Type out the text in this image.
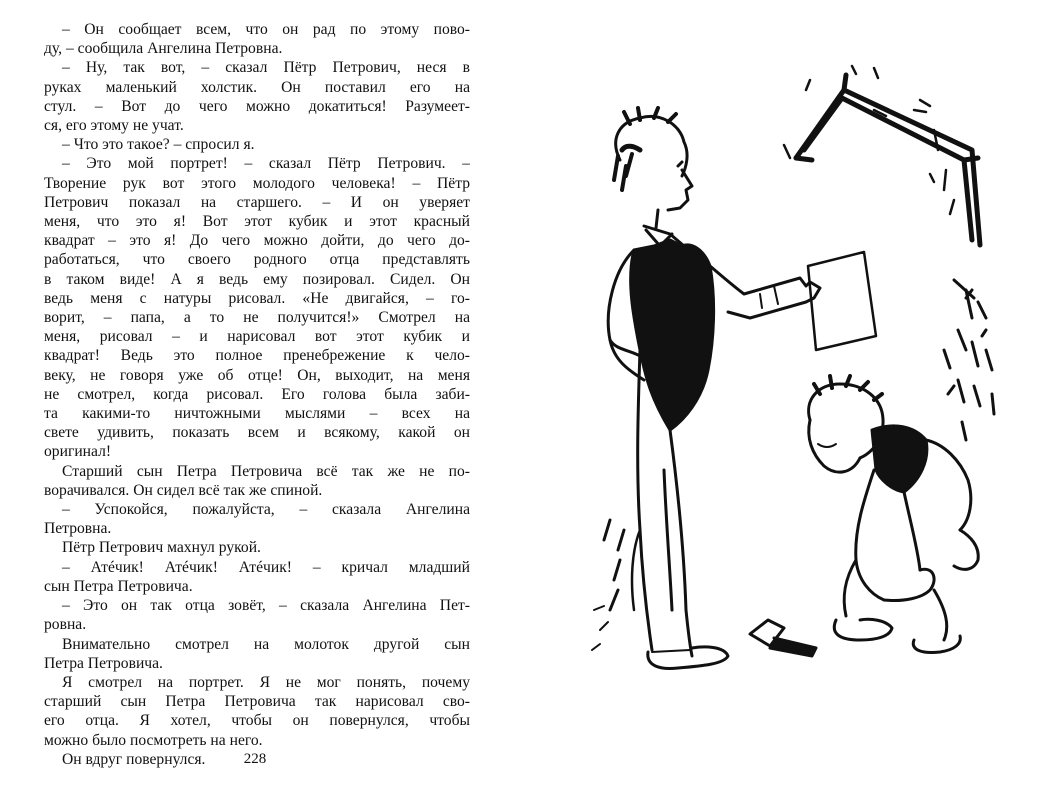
– Он сообщает всем, что он рад по этому пово-
ду, – сообщила Ангелина Петровна.
– Ну, так вот, – сказал Пётр Петрович, неся в
руках маленький холстик. Он поставил его на
стул. – Вот до чего можно докатиться! Разумеет-
ся, его этому не учат.
– Что это такое? – спросил я.
– Это мой портрет! – сказал Пётр Петрович. –
Творение рук вот этого молодого человека! – Пётр
Петрович показал на старшего. – И он уверяет
меня, что это я! Вот этот кубик и этот красный
квадрат – это я! До чего можно дойти, до чего до-
работаться, что своего родного отца представлять
в таком виде! А я ведь ему позировал. Сидел. Он
ведь меня с натуры рисовал. «Не двигайся, – го-
ворит, – папа, а то не получится!» Смотрел на
меня, рисовал – и нарисовал вот этот кубик и
квадрат! Ведь это полное пренебрежение к чело-
веку, не говоря уже об отце! Он, выходит, на меня
не смотрел, когда рисовал. Его голова была заби-
та какими-то ничтожными мыслями – всех на
свете удивить, показать всем и всякому, какой он
оригинал!
Старший сын Петра Петровича всё так же не по-
ворачивался. Он сидел всё так же спиной.
– Успокойся, пожалуйста, – сказала Ангелина
Петровна.
Пётр Петрович махнул рукой.
– Атéчик! Атéчик! Атéчик! – кричал младший
сын Петра Петровича.
– Это он так отца зовёт, – сказала Ангелина Пет-
ровна.
Внимательно смотрел на молоток другой сын
Петра Петровича.
Я смотрел на портрет. Я не мог понять, почему
старший сын Петра Петровича так нарисовал сво-
его отца. Я хотел, чтобы он повернулся, чтобы
можно было посмотреть на него.
Он вдруг повернулся.	228
